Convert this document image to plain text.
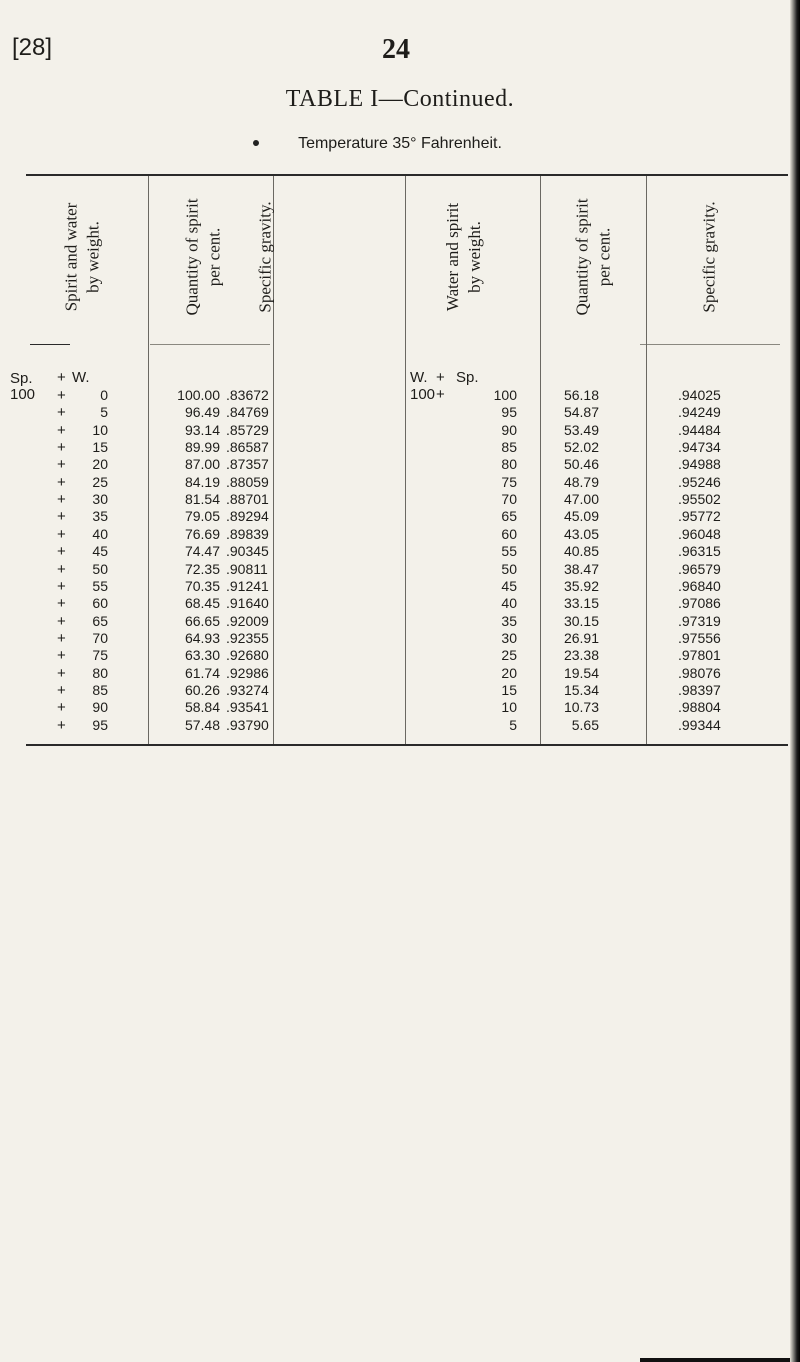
[28]	24
TABLE I—Continued.
Temperature 35° Fahrenheit.
Spirit and water
by weight.
Quantity of spirit
per cent. Specific gravity.	Water and spirit
by weight.
Quantity of spirit
per cent.	Specific gravity.
Sp.
100
+ W.	W. + Sp.
100 +
+ 0	100.00 .83672	100	56.18	.94025
+ 5	96.49 .84769	95	54.87	.94249
+ 10	93.14 .85729	90	53.49	.94484
+ 15	89.99 .86587	85	52.02	.94734
+ 20	87.00 .87357	80	50.46	.94988
+ 25	84.19 .88059	75	48.79	.95246
+ 30	81.54 .88701	70	47.00	.95502
+ 35	79.05 .89294	65	45.09	.95772
+ 40	76.69 .89839	60	43.05	.96048
+ 45	74.47 .90345	55	40.85	.96315
+ 50	72.35 .90811	50	38.47	.96579
+ 55	70.35 .91241	45	35.92	.96840
+ 60	68.45 .91640	40	33.15	.97086
+ 65	66.65 .92009	35	30.15	.97319
+ 70	64.93 .92355	30	26.91	.97556
+ 75	63.30 .92680	25	23.38	.97801
+ 80	61.74 .92986	20	19.54	.98076
+ 85	60.26 .93274	15	15.34	.98397
+ 90	58.84 .93541	10	10.73	.98804
+ 95	57.48 .93790	5	5.65	.99344
